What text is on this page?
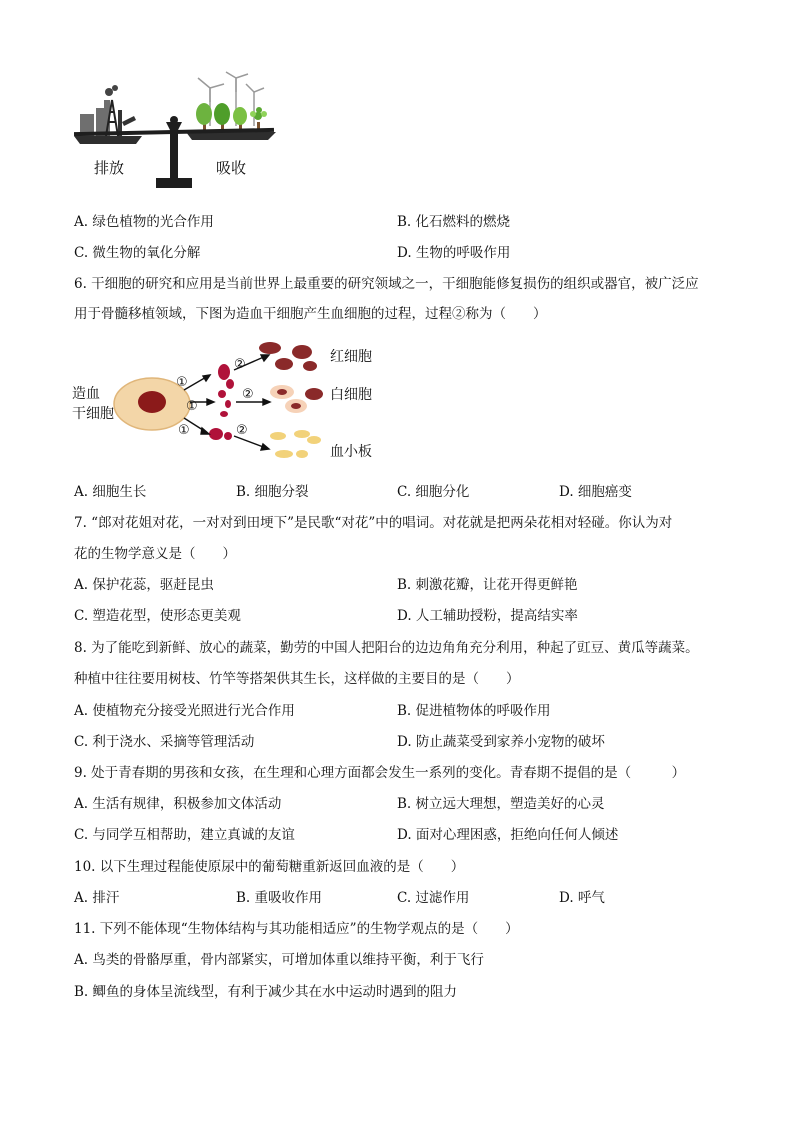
排放	吸收
A. 绿色植物的光合作用	B. 化石燃料的燃烧
C. 微生物的氧化分解	D. 生物的呼吸作用
6. 干细胞的研究和应用是当前世界上最重要的研究领域之一，干细胞能修复损伤的组织或器官，被广泛应
用于骨髓移植领域，下图为造血干细胞产生血细胞的过程，过程②称为（　　）
造血
干细胞
①
①
①
②
②
②
红细胞
白细胞
血小板
A. 细胞生长	B. 细胞分裂	C. 细胞分化	D. 细胞癌变
7. “郎对花姐对花，一对对到田埂下”是民歌“对花”中的唱词。对花就是把两朵花相对轻碰。你认为对
花的生物学意义是（　　）
A. 保护花蕊，驱赶昆虫	B. 刺激花瓣，让花开得更鲜艳
C. 塑造花型，使形态更美观	D. 人工辅助授粉，提高结实率
8. 为了能吃到新鲜、放心的蔬菜，勤劳的中国人把阳台的边边角角充分利用，种起了豇豆、黄瓜等蔬菜。
种植中往往要用树枝、竹竿等搭架供其生长，这样做的主要目的是（　　）
A. 使植物充分接受光照进行光合作用	B. 促进植物体的呼吸作用
C. 利于浇水、采摘等管理活动	D. 防止蔬菜受到家养小宠物的破坏
9. 处于青春期的男孩和女孩，在生理和心理方面都会发生一系列的变化。青春期不提倡的是（　　　）
A. 生活有规律，积极参加文体活动	B. 树立远大理想，塑造美好的心灵
C. 与同学互相帮助，建立真诚的友谊	D. 面对心理困惑，拒绝向任何人倾述
10. 以下生理过程能使原尿中的葡萄糖重新返回血液的是（　　）
A. 排汗	B. 重吸收作用	C. 过滤作用	D. 呼气
11. 下列不能体现“生物体结构与其功能相适应”的生物学观点的是（　　）
A. 鸟类的骨骼厚重，骨内部紧实，可增加体重以维持平衡，利于飞行
B. 鲫鱼的身体呈流线型，有利于减少其在水中运动时遇到的阻力
